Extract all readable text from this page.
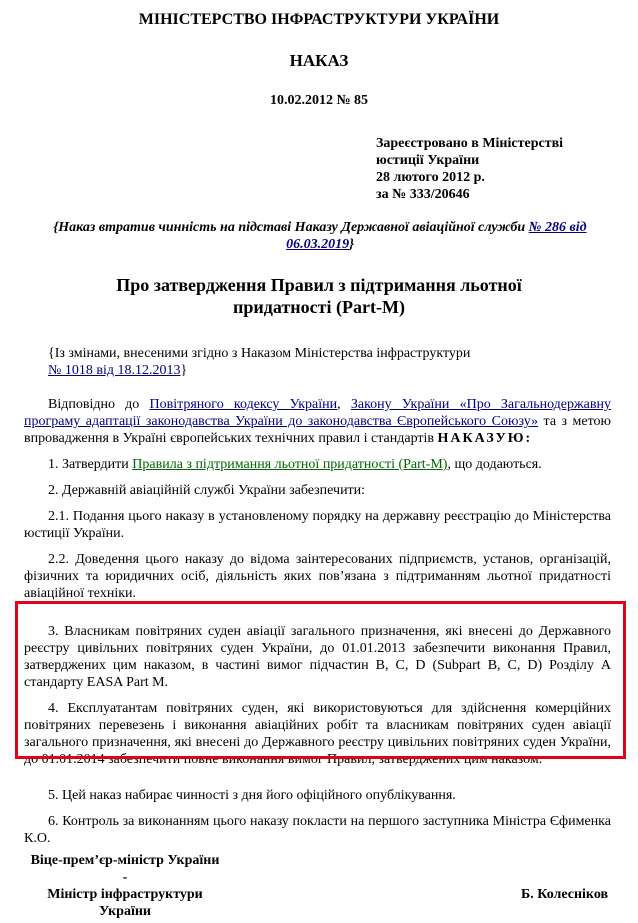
МІНІСТЕРСТВО ІНФРАСТРУКТУРИ УКРАЇНИ
НАКАЗ
10.02.2012 № 85
Зареєстровано в Міністерстві
юстиції України
28 лютого 2012 р.
за № 333/20646
{Наказ втратив чинність на підставі Наказу Державної авіаційної служби № 286 від 06.03.2019}
Про затвердження Правил з підтримання льотної придатності (Part-M)
{Із змінами, внесеними згідно з Наказом Міністерства інфраструктури
№ 1018 від 18.12.2013}

Відповідно до Повітряного кодексу України, Закону України «Про Загальнодержавну програму адаптації законодавства України до законодавства Європейського Союзу» та з метою впровадження в Україні європейських технічних правил і стандартів НАКАЗУЮ:

1. Затвердити Правила з підтримання льотної придатності (Part-M), що додаються.

2. Державній авіаційній службі України забезпечити:

2.1. Подання цього наказу в установленому порядку на державну реєстрацію до Міністерства юстиції України.

2.2. Доведення цього наказу до відома заінтересованих підприємств, установ, організацій, фізичних та юридичних осіб, діяльність яких пов’язана з підтриманням льотної придатності авіаційної техніки.

3. Власникам повітряних суден авіації загального призначення, які внесені до Державного реєстру цивільних повітряних суден України, до 01.01.2013 забезпечити виконання Правил, затверджених цим наказом, в частині вимог підчастин B, C, D (Subpart B, C, D) Розділу A стандарту EASA Part M.

4. Експлуатантам повітряних суден, які використовуються для здійснення комерційних повітряних перевезень і виконання авіаційних робіт та власникам повітряних суден авіації загального призначення, які внесені до Державного реєстру цивільних повітряних суден України, до 01.01.2014 забезпечити повне виконання вимог Правил, затверджених цим наказом.

5. Цей наказ набирає чинності з дня його офіційного опублікування.

6. Контроль за виконанням цього наказу покласти на першого заступника Міністра Єфименка К.О.

Віце-прем’єр-міністр України -
Міністр інфраструктури
України
Б. Колесніков
